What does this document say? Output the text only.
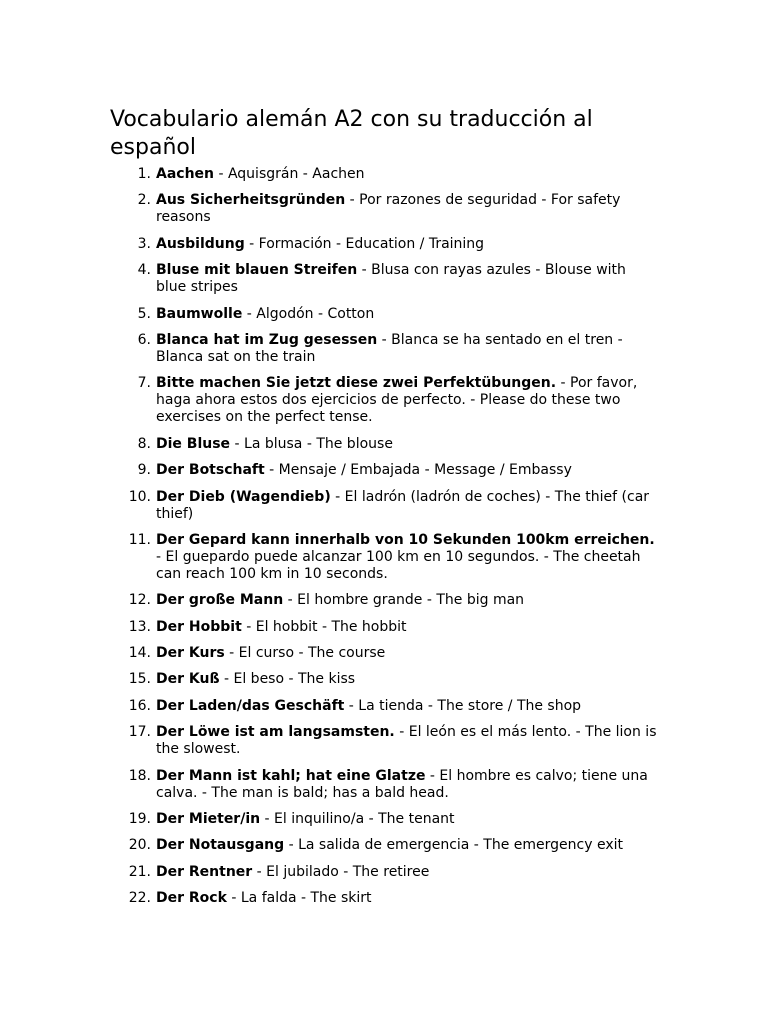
Vocabulario alemán A2 con su traducción al español
1. Aachen - Aquisgrán - Aachen
2. Aus Sicherheitsgründen - Por razones de seguridad - For safety reasons
3. Ausbildung - Formación - Education / Training
4. Bluse mit blauen Streifen - Blusa con rayas azules - Blouse with blue stripes
5. Baumwolle - Algodón - Cotton
6. Blanca hat im Zug gesessen - Blanca se ha sentado en el tren - Blanca sat on the train
7. Bitte machen Sie jetzt diese zwei Perfektübungen. - Por favor, haga ahora estos dos ejercicios de perfecto. - Please do these two exercises on the perfect tense.
8. Die Bluse - La blusa - The blouse
9. Der Botschaft - Mensaje / Embajada - Message / Embassy
10. Der Dieb (Wagendieb) - El ladrón (ladrón de coches) - The thief (car thief)
11. Der Gepard kann innerhalb von 10 Sekunden 100km erreichen. - El guepardo puede alcanzar 100 km en 10 segundos. - The cheetah can reach 100 km in 10 seconds.
12. Der große Mann - El hombre grande - The big man
13. Der Hobbit - El hobbit - The hobbit
14. Der Kurs - El curso - The course
15. Der Kuß - El beso - The kiss
16. Der Laden/das Geschäft - La tienda - The store / The shop
17. Der Löwe ist am langsamsten. - El león es el más lento. - The lion is the slowest.
18. Der Mann ist kahl; hat eine Glatze - El hombre es calvo; tiene una calva. - The man is bald; has a bald head.
19. Der Mieter/in - El inquilino/a - The tenant
20. Der Notausgang - La salida de emergencia - The emergency exit
21. Der Rentner - El jubilado - The retiree
22. Der Rock - La falda - The skirt
